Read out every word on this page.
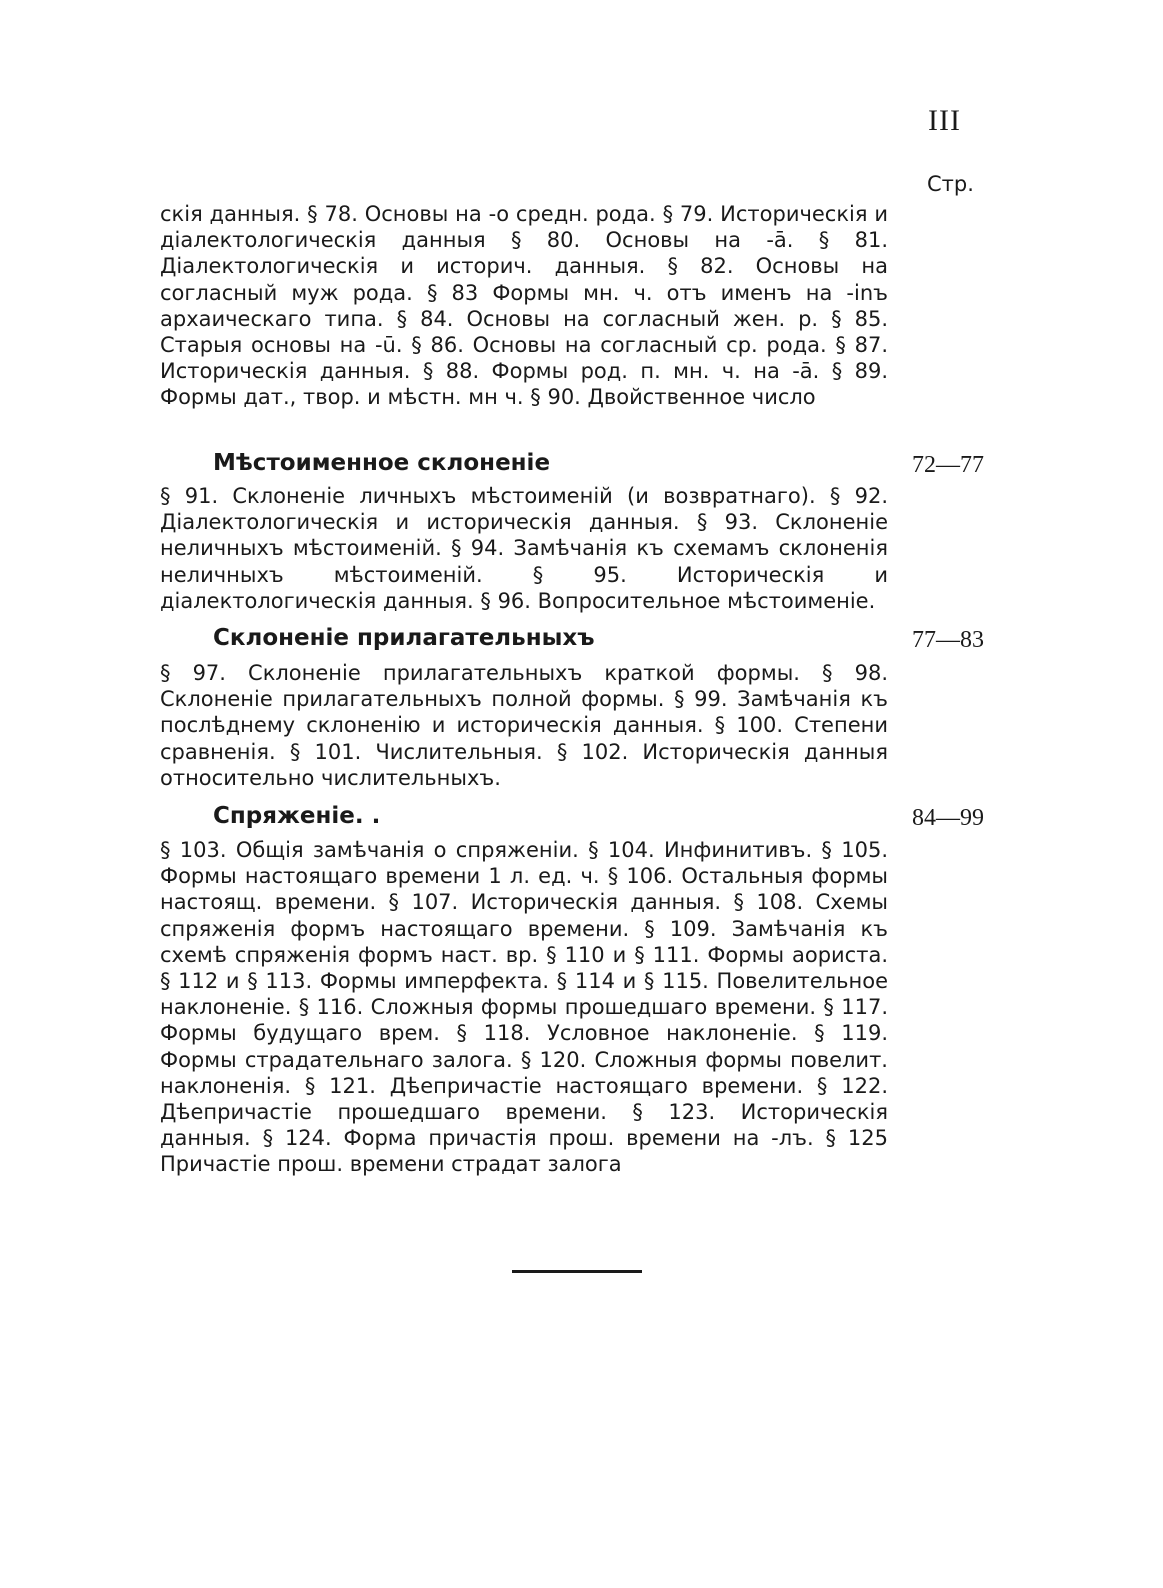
III
Стр.

скія данныя. § 78. Основы на -о средн. рода. § 79. Историческія и діалектологическія данныя § 80. Основы на -ā. § 81. Діалектологическія и историч. данныя. § 82. Основы на согласный муж рода. § 83 Формы мн. ч. отъ именъ на -inъ архаическаго типа. § 84. Основы на согласный жен. р. § 85. Старыя основы на -ū. § 86. Основы на согласный ср. рода. § 87. Историческія данныя. § 88. Формы род. п. мн. ч. на -ā. § 89. Формы дат., твор. и мѣстн. мн ч. § 90. Двойственное число

Мѣстоименное склоненіе	72—77

§ 91. Склоненіе личныхъ мѣстоименій (и возвратнаго). § 92. Діалектологическія и историческія данныя. § 93. Склоненіе неличныхъ мѣстоименій. § 94. Замѣчанія къ схемамъ склоненія неличныхъ мѣстоименій. § 95. Историческія и діалектологическія данныя. § 96. Вопросительное мѣстоименіе.

Склоненіе прилагательныхъ	77—83

§ 97. Склоненіе прилагательныхъ краткой формы. § 98. Склоненіе прилагательныхъ полной формы. § 99. Замѣчанія къ послѣднему склоненію и историческія данныя. § 100. Степени сравненія. § 101. Числительныя. § 102. Историческія данныя относительно числительныхъ.

Спряженіе. .	84—99

§ 103. Общія замѣчанія о спряженіи. § 104. Инфинитивъ. § 105. Формы настоящаго времени 1 л. ед. ч. § 106. Остальныя формы настоящ. времени. § 107. Историческія данныя. § 108. Схемы спряженія формъ настоящаго времени. § 109. Замѣчанія къ схемѣ спряженія формъ наст. вр. § 110 и § 111. Формы аориста. § 112 и § 113. Формы имперфекта. § 114 и § 115. Повелительное наклоненіе. § 116. Сложныя формы прошедшаго времени. § 117. Формы будущаго врем. § 118. Условное наклоненіе. § 119. Формы страдательнаго залога. § 120. Сложныя формы повелит. наклоненія. § 121. Дѣепричастіе настоящаго времени. § 122. Дѣепричастіе прошедшаго времени. § 123. Историческія данныя. § 124. Форма причастія прош. времени на -лъ. § 125 Причастіе прош. времени страдат залога
